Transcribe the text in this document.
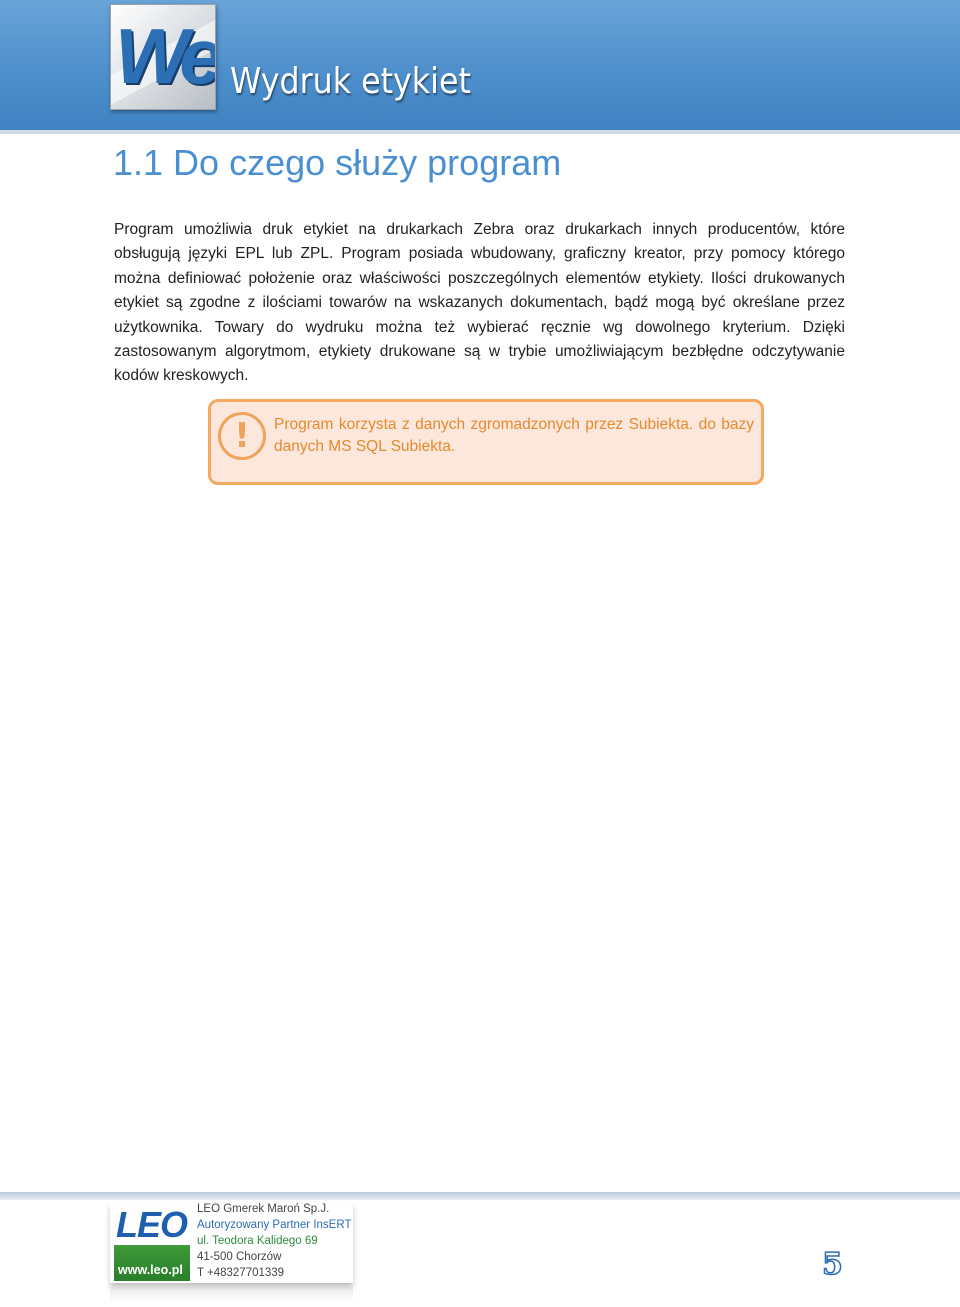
We Wydruk etykiet
1.1 Do czego służy program

Program umożliwia druk etykiet na drukarkach Zebra oraz drukarkach innych producentów, które obsługują języki EPL lub ZPL. Program posiada wbudowany, graficzny kreator, przy pomocy którego można definiować położenie oraz właściwości poszczególnych elementów etykiety. Ilości drukowanych etykiet są zgodne z ilościami towarów na wskazanych dokumentach, bądź mogą być określane przez użytkownika. Towary do wydruku można też wybierać ręcznie wg dowolnego kryterium. Dzięki zastosowanym algorytmom, etykiety drukowane są w trybie umożliwiającym bezbłędne odczytywanie kodów kreskowych.

!	Program korzysta z danych zgromadzonych przez Subiekta. do bazy danych MS SQL Subiekta.

LEO
www.leo.pl
LEO Gmerek Maroń Sp.J.
Autoryzowany Partner InsERT
ul. Teodora Kalidego 69
41-500 Chorzów
T +48327701339	5
